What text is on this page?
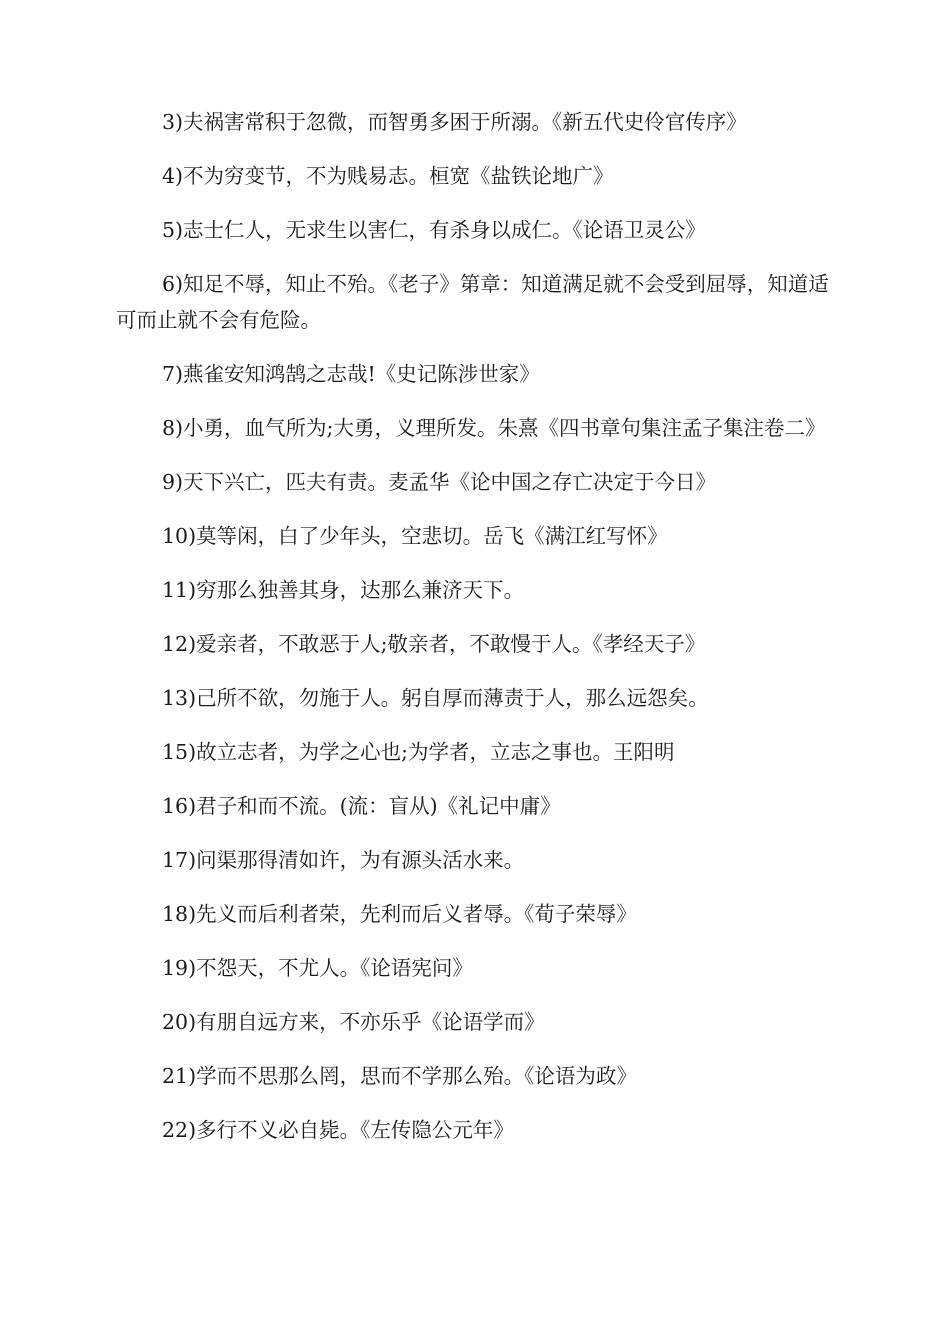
3)夫祸害常积于忽微，而智勇多困于所溺。《新五代史伶官传序》

4)不为穷变节，不为贱易志。桓宽《盐铁论地广》

5)志士仁人，无求生以害仁，有杀身以成仁。《论语卫灵公》

6)知足不辱，知止不殆。《老子》第章：知道满足就不会受到屈辱，知道适可而止就不会有危险。

7)燕雀安知鸿鹄之志哉!《史记陈涉世家》

8)小勇，血气所为;大勇，义理所发。朱熹《四书章句集注孟子集注卷二》

9)天下兴亡，匹夫有责。麦孟华《论中国之存亡决定于今日》

10)莫等闲，白了少年头，空悲切。岳飞《满江红写怀》

11)穷那么独善其身，达那么兼济天下。

12)爱亲者，不敢恶于人;敬亲者，不敢慢于人。《孝经天子》

13)己所不欲，勿施于人。躬自厚而薄责于人，那么远怨矣。

15)故立志者，为学之心也;为学者，立志之事也。王阳明

16)君子和而不流。(流：盲从)《礼记中庸》

17)问渠那得清如许，为有源头活水来。

18)先义而后利者荣，先利而后义者辱。《荀子荣辱》

19)不怨天，不尤人。《论语宪问》

20)有朋自远方来，不亦乐乎《论语学而》

21)学而不思那么罔，思而不学那么殆。《论语为政》

22)多行不义必自毙。《左传隐公元年》
